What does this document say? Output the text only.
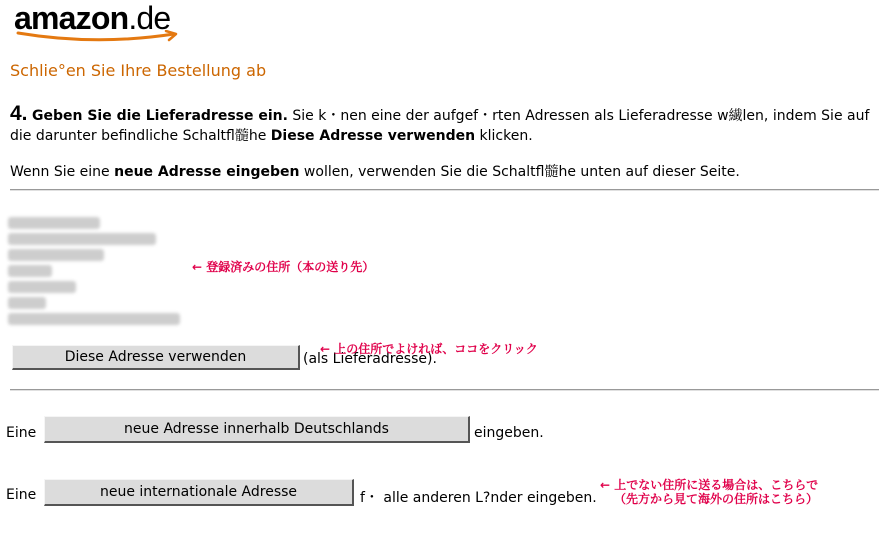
amazon.de
Schlie°en Sie Ihre Bestellung ab
4. Geben Sie die Lieferadresse ein. Sie k・nen eine der aufgef・rten Adressen als Lieferadresse w繊len, indem Sie auf die darunter befindliche Schaltfl髓he Diese Adresse verwenden klicken.
Wenn Sie eine neue Adresse eingeben wollen, verwenden Sie die Schaltfl髓he unten auf dieser Seite.
← 登録済みの住所（本の送り先）
Diese Adresse verwenden	(als Lieferadresse).
← 上の住所でよければ、ココをクリック
Eine	neue Adresse innerhalb Deutschlands	eingeben.
Eine	neue internationale Adresse	f・ alle anderen L?nder eingeben.
← 上でない住所に送る場合は、こちらで
（先方から見て海外の住所はこちら）
